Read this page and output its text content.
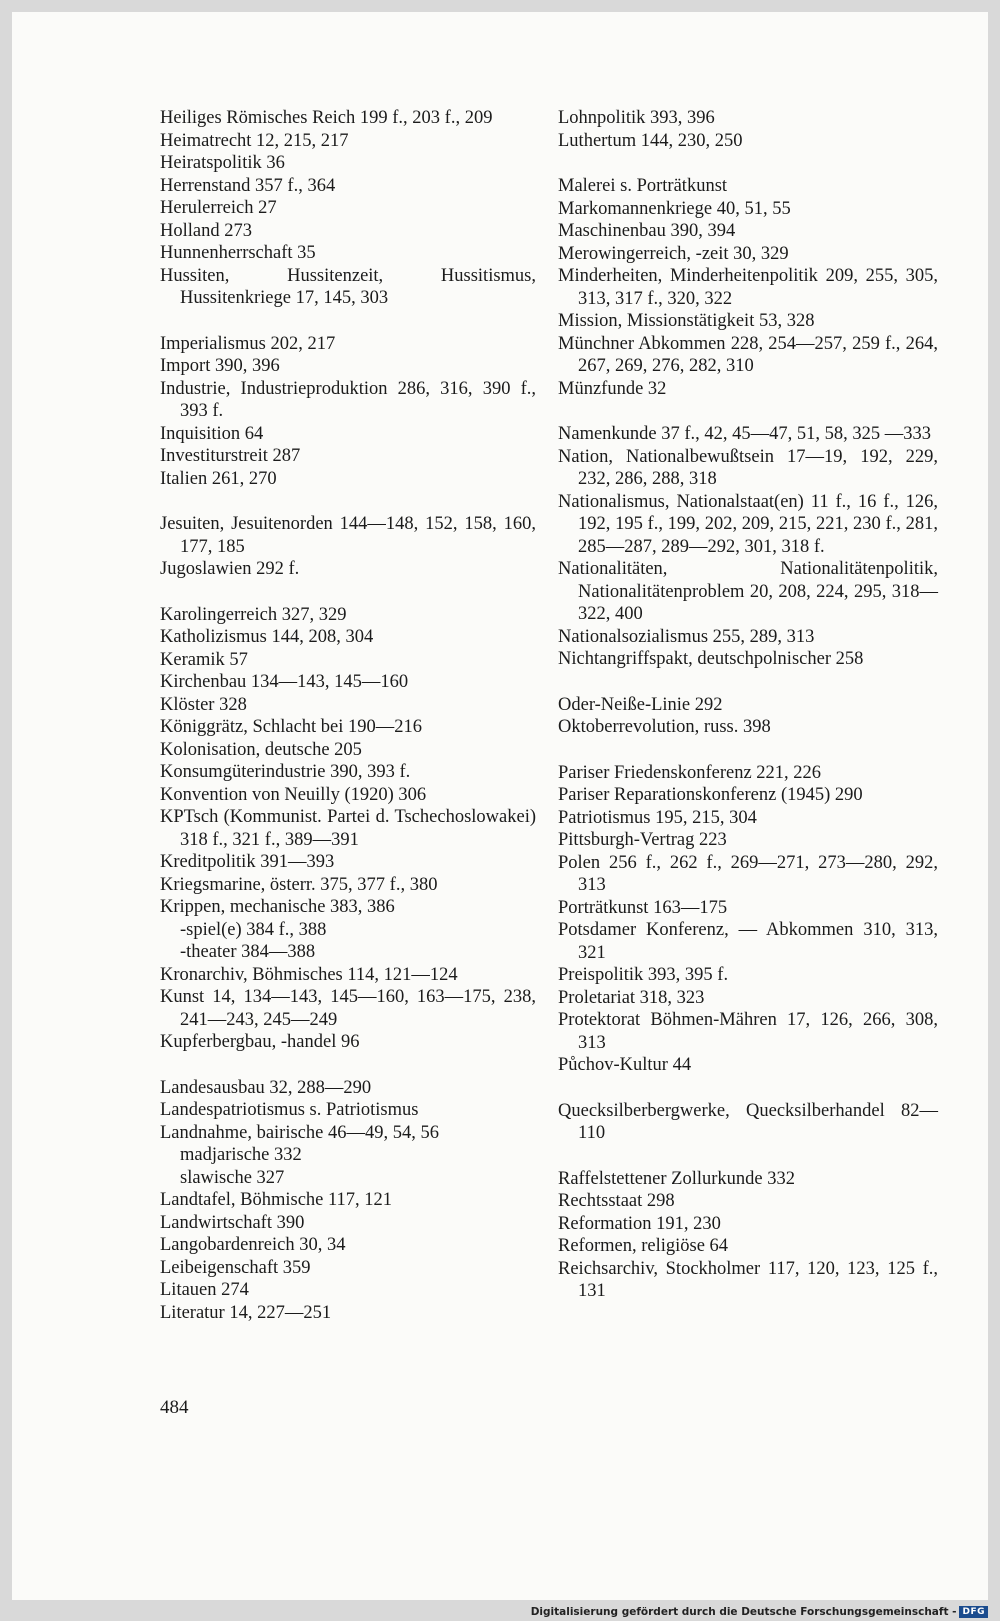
Heiliges Römisches Reich 199 f., 203 f., 209
Heimatrecht 12, 215, 217
Heiratspolitik 36
Herrenstand 357 f., 364
Herulerreich 27
Holland 273
Hunnenherrschaft 35
Hussiten, Hussitenzeit, Hussitismus, Hussitenkriege 17, 145, 303
Imperialismus 202, 217
Import 390, 396
Industrie, Industrieproduktion 286, 316, 390 f., 393 f.
Inquisition 64
Investiturstreit 287
Italien 261, 270
Jesuiten, Jesuitenorden 144—148, 152, 158, 160, 177, 185
Jugoslawien 292 f.
Karolingerreich 327, 329
Katholizismus 144, 208, 304
Keramik 57
Kirchenbau 134—143, 145—160
Klöster 328
Königgrätz, Schlacht bei 190—216
Kolonisation, deutsche 205
Konsumgüterindustrie 390, 393 f.
Konvention von Neuilly (1920) 306
KPTsch (Kommunist. Partei d. Tschechoslowakei) 318 f., 321 f., 389—391
Kreditpolitik 391—393
Kriegsmarine, österr. 375, 377 f., 380
Krippen, mechanische 383, 386
-spiel(e) 384 f., 388
-theater 384—388
Kronarchiv, Böhmisches 114, 121—124
Kunst 14, 134—143, 145—160, 163—175, 238, 241—243, 245—249
Kupferbergbau, -handel 96
Landesausbau 32, 288—290
Landespatriotismus s. Patriotismus
Landnahme, bairische 46—49, 54, 56
madjarische 332
slawische 327
Landtafel, Böhmische 117, 121
Landwirtschaft 390
Langobardenreich 30, 34
Leibeigenschaft 359
Litauen 274
Literatur 14, 227—251
Lohnpolitik 393, 396
Luthertum 144, 230, 250
Malerei s. Porträtkunst
Markomannenkriege 40, 51, 55
Maschinenbau 390, 394
Merowingerreich, -zeit 30, 329
Minderheiten, Minderheitenpolitik 209, 255, 305, 313, 317 f., 320, 322
Mission, Missionstätigkeit 53, 328
Münchner Abkommen 228, 254—257, 259 f., 264, 267, 269, 276, 282, 310
Münzfunde 32
Namenkunde 37 f., 42, 45—47, 51, 58, 325 —333
Nation, Nationalbewußtsein 17—19, 192, 229, 232, 286, 288, 318
Nationalismus, Nationalstaat(en) 11 f., 16 f., 126, 192, 195 f., 199, 202, 209, 215, 221, 230 f., 281, 285—287, 289—292, 301, 318 f.
Nationalitäten, Nationalitätenpolitik, Nationalitätenproblem 20, 208, 224, 295, 318—322, 400
Nationalsozialismus 255, 289, 313
Nichtangriffspakt, deutschpolnischer 258
Oder-Neiße-Linie 292
Oktoberrevolution, russ. 398
Pariser Friedenskonferenz 221, 226
Pariser Reparationskonferenz (1945) 290
Patriotismus 195, 215, 304
Pittsburgh-Vertrag 223
Polen 256 f., 262 f., 269—271, 273—280, 292, 313
Porträtkunst 163—175
Potsdamer Konferenz, — Abkommen 310, 313, 321
Preispolitik 393, 395 f.
Proletariat 318, 323
Protektorat Böhmen-Mähren 17, 126, 266, 308, 313
Půchov-Kultur 44
Quecksilberbergwerke, Quecksilberhandel 82—110
Raffelstettener Zollurkunde 332
Rechtsstaat 298
Reformation 191, 230
Reformen, religiöse 64
Reichsarchiv, Stockholmer 117, 120, 123, 125 f., 131
484
Digitalisierung gefördert durch die Deutsche Forschungsgemeinschaft - DFG
